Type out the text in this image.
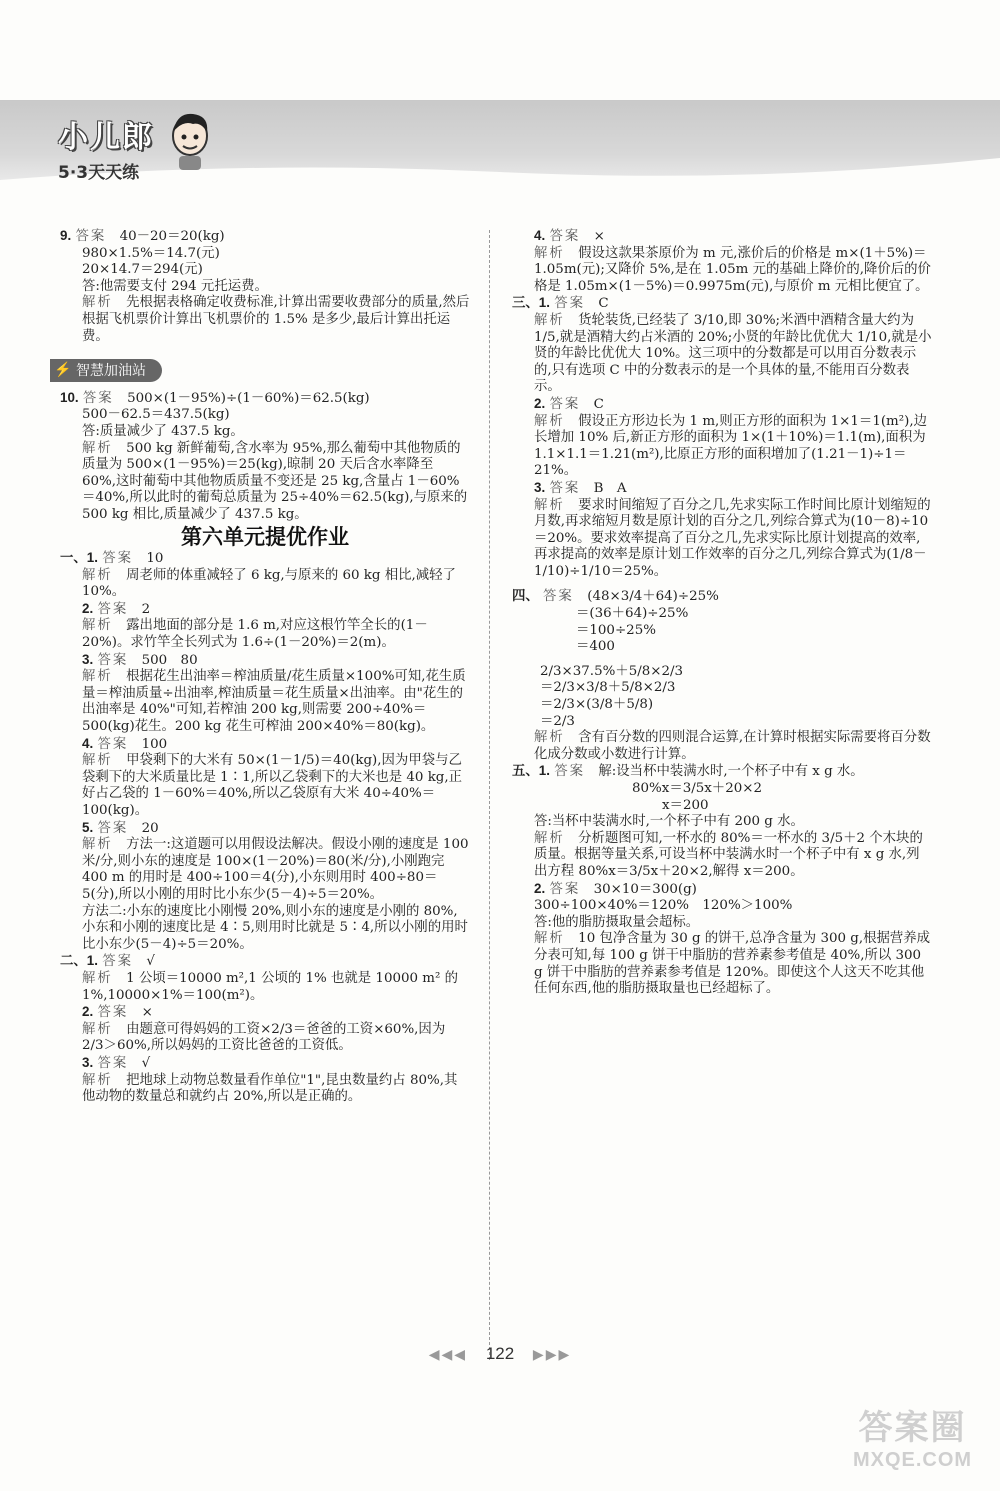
小儿郎
5·3天天练

9. 答案　 40－20＝20(kg)

980×1.5%＝14.7(元)

20×14.7＝294(元)

答:他需要支付 294 元托运费。

解析　 先根据表格确定收费标准,计算出需要收费部分的质量,然后根据飞机票价计算出飞机票价的 1.5% 是多少,最后计算出托运费。

⚡ 智慧加油站

10. 答案　 500×(1－95%)÷(1－60%)＝62.5(kg)

500－62.5＝437.5(kg)

答:质量减少了 437.5 kg。

解析　 500 kg 新鲜葡萄,含水率为 95%,那么葡萄中其他物质的质量为 500×(1－95%)＝25(kg),晾制 20 天后含水率降至 60%,这时葡萄中其他物质质量不变还是 25 kg,含量占 1－60%＝40%,所以此时的葡萄总质量为 25÷40%＝62.5(kg),与原来的 500 kg 相比,质量减少了 437.5 kg。

第六单元提优作业

一、1. 答案　 10

解析　 周老师的体重减轻了 6 kg,与原来的 60 kg 相比,减轻了 10%。

2. 答案　 2

解析　 露出地面的部分是 1.6 m,对应这根竹竿全长的(1－20%)。求竹竿全长列式为 1.6÷(1－20%)＝2(m)。

3. 答案　 500　80

解析　 根据花生出油率＝榨油质量/花生质量×100%可知,花生质量＝榨油质量÷出油率,榨油质量＝花生质量×出油率。由"花生的出油率是 40%"可知,若榨油 200 kg,则需要 200÷40%＝500(kg)花生。200 kg 花生可榨油 200×40%＝80(kg)。

4. 答案　 100

解析　 甲袋剩下的大米有 50×(1－1/5)＝40(kg),因为甲袋与乙袋剩下的大米质量比是 1∶1,所以乙袋剩下的大米也是 40 kg,正好占乙袋的 1－60%＝40%,所以乙袋原有大米 40÷40%＝100(kg)。

5. 答案　 20

解析　 方法一:这道题可以用假设法解决。假设小刚的速度是 100 米/分,则小东的速度是 100×(1－20%)＝80(米/分),小刚跑完 400 m 的用时是 400÷100＝4(分),小东则用时 400÷80＝5(分),所以小刚的用时比小东少(5－4)÷5＝20%。

方法二:小东的速度比小刚慢 20%,则小东的速度是小刚的 80%,小东和小刚的速度比是 4∶5,则用时比就是 5∶4,所以小刚的用时比小东少(5－4)÷5＝20%。

二、1. 答案　 √

解析　 1 公顷＝10000 m²,1 公顷的 1% 也就是 10000 m² 的 1%,10000×1%＝100(m²)。

2. 答案　 ×

解析　 由题意可得妈妈的工资×2/3＝爸爸的工资×60%,因为 2/3＞60%,所以妈妈的工资比爸爸的工资低。

3. 答案　 √

解析　 把地球上动物总数量看作单位"1",昆虫数量约占 80%,其他动物的数量总和就约占 20%,所以是正确的。

4. 答案　 ×

解析　 假设这款果茶原价为 m 元,涨价后的价格是 m×(1＋5%)＝1.05m(元);又降价 5%,是在 1.05m 元的基础上降价的,降价后的价格是 1.05m×(1－5%)＝0.9975m(元),与原价 m 元相比便宜了。

三、1. 答案　 C

解析　 货轮装货,已经装了 3/10,即 30%;米酒中酒精含量大约为 1/5,就是酒精大约占米酒的 20%;小贤的年龄比优优大 1/10,就是小贤的年龄比优优大 10%。这三项中的分数都是可以用百分数表示的,只有选项 C 中的分数表示的是一个具体的量,不能用百分数表示。

2. 答案　 C

解析　 假设正方形边长为 1 m,则正方形的面积为 1×1＝1(m²),边长增加 10% 后,新正方形的面积为 1×(1＋10%)＝1.1(m),面积为 1.1×1.1＝1.21(m²),比原正方形的面积增加了(1.21－1)÷1＝21%。

3. 答案　 B　A

解析　 要求时间缩短了百分之几,先求实际工作时间比原计划缩短的月数,再求缩短月数是原计划的百分之几,列综合算式为(10－8)÷10＝20%。要求效率提高了百分之几,先求实际比原计划提高的效率,再求提高的效率是原计划工作效率的百分之几,列综合算式为(1/8－1/10)÷1/10＝25%。

四、 答案　 (48×3/4＋64)÷25%

＝(36＋64)÷25%

＝100÷25%

＝400

2/3×37.5%＋5/8×2/3

＝2/3×3/8＋5/8×2/3

＝2/3×(3/8＋5/8)

＝2/3

解析　 含有百分数的四则混合运算,在计算时根据实际需要将百分数化成分数或小数进行计算。

五、1. 答案　 解:设当杯中装满水时,一个杯子中有 x g 水。

80%x＝3/5x＋20×2

x＝200

答:当杯中装满水时,一个杯子中有 200 g 水。

解析　 分析题图可知,一杯水的 80%＝一杯水的 3/5＋2 个木块的质量。根据等量关系,可设当杯中装满水时一个杯子中有 x g 水,列出方程 80%x＝3/5x＋20×2,解得 x＝200。

2. 答案　 30×10＝300(g)

300÷100×40%＝120%　120%＞100%

答:他的脂肪摄取量会超标。

解析　 10 包净含量为 30 g 的饼干,总净含量为 300 g,根据营养成分表可知,每 100 g 饼干中脂肪的营养素参考值是 40%,所以 300 g 饼干中脂肪的营养素参考值是 120%。即使这个人这天不吃其他任何东西,他的脂肪摄取量也已经超标了。

◀◀◀ 122 ▶▶▶
答案圈
MXQE.COM
